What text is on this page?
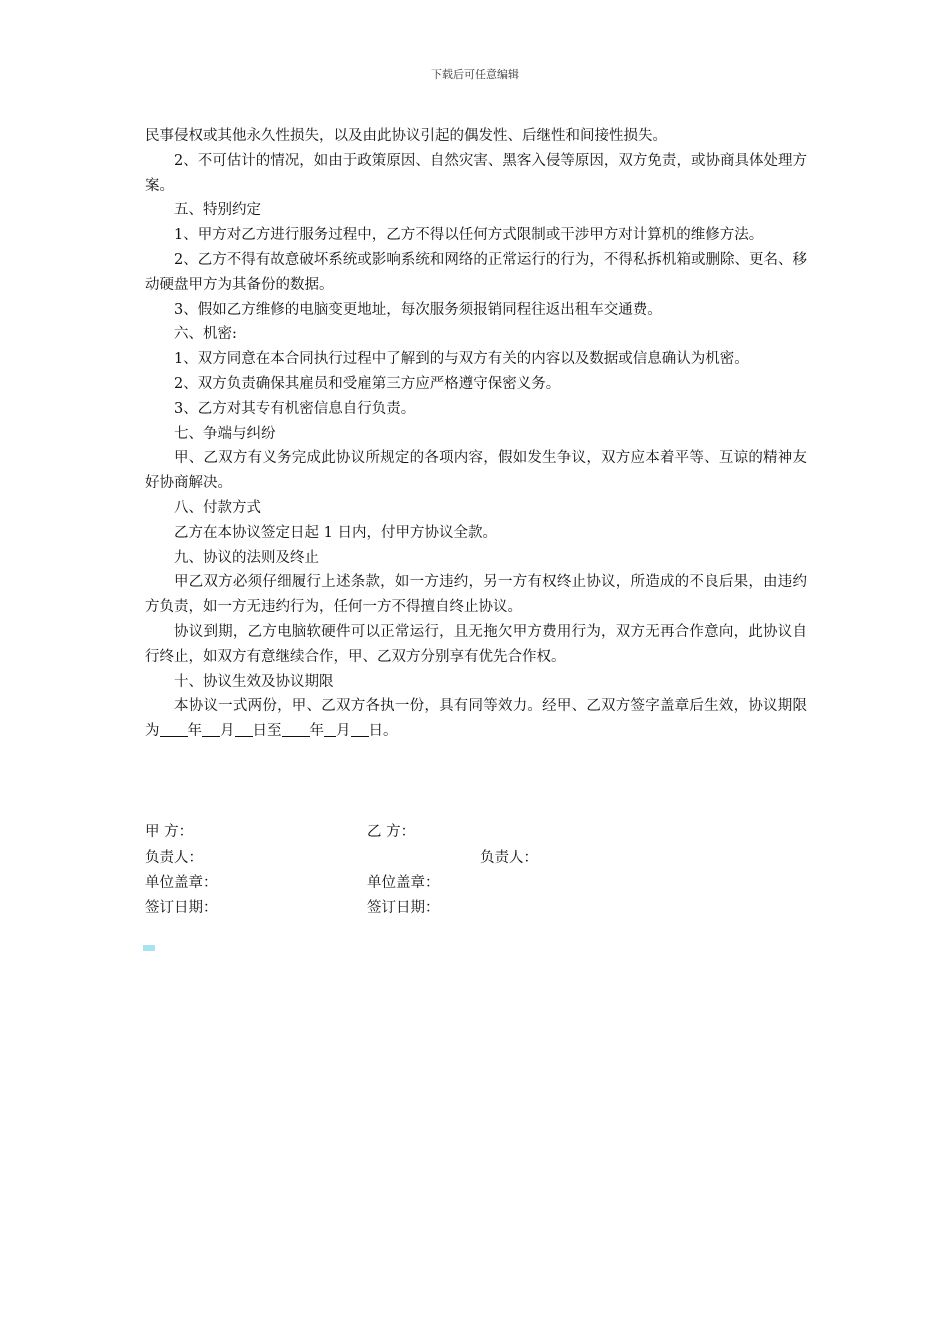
下载后可任意编辑

民事侵权或其他永久性损失，以及由此协议引起的偶发性、后继性和间接性损失。

2、不可估计的情况，如由于政策原因、自然灾害、黑客入侵等原因，双方免责，或协商具体处理方案。

五、特别约定

1、甲方对乙方进行服务过程中，乙方不得以任何方式限制或干涉甲方对计算机的维修方法。

2、乙方不得有故意破坏系统或影响系统和网络的正常运行的行为，不得私拆机箱或删除、更名、移动硬盘甲方为其备份的数据。

3、假如乙方维修的电脑变更地址，每次服务须报销同程往返出租车交通费。

六、机密:

1、双方同意在本合同执行过程中了解到的与双方有关的内容以及数据或信息确认为机密。

2、双方负责确保其雇员和受雇第三方应严格遵守保密义务。

3、乙方对其专有机密信息自行负责。

七、争端与纠纷

甲、乙双方有义务完成此协议所规定的各项内容，假如发生争议，双方应本着平等、互谅的精神友好协商解决。

八、付款方式

乙方在本协议签定日起 1 日内，付甲方协议全款。

九、协议的法则及终止

甲乙双方必须仔细履行上述条款，如一方违约，另一方有权终止协议，所造成的不良后果，由违约方负责，如一方无违约行为，任何一方不得擅自终止协议。

协议到期，乙方电脑软硬件可以正常运行，且无拖欠甲方费用行为，双方无再合作意向，此协议自行终止，如双方有意继续合作，甲、乙双方分别享有优先合作权。

十、协议生效及协议期限

本协议一式两份，甲、乙双方各执一份，具有同等效力。经甲、乙双方签字盖章后生效，协议期限为 年 月 日至 年 月 日。

甲 方：	乙 方：
负责人：	负责人：
单位盖章：	单位盖章：
签订日期：	签订日期：
